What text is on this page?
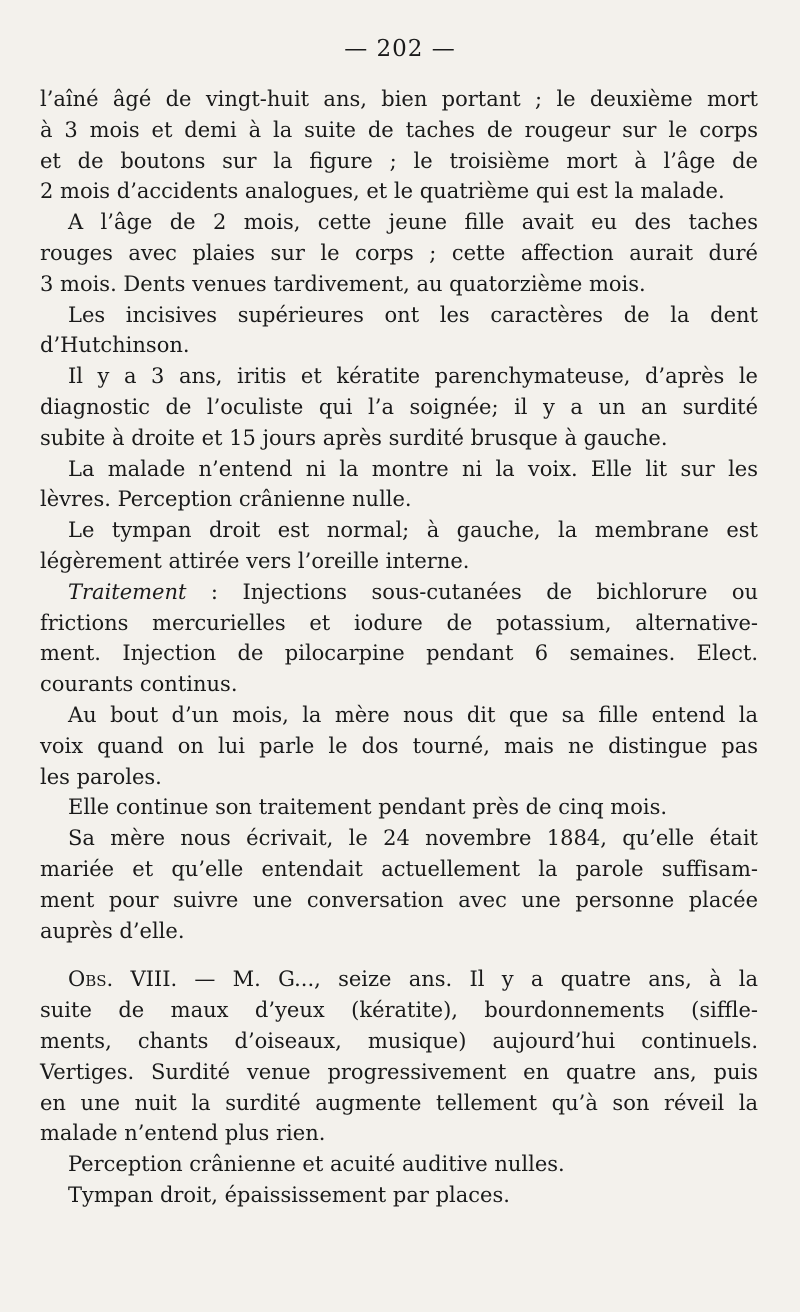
— 202 —
l’aîné âgé de vingt-huit ans, bien portant ; le deuxième mort
à 3 mois et demi à la suite de taches de rougeur sur le corps
et de boutons sur la figure ; le troisième mort à l’âge de
2 mois d’accidents analogues, et le quatrième qui est la malade.
A l’âge de 2 mois, cette jeune fille avait eu des taches
rouges avec plaies sur le corps ; cette affection aurait duré
3 mois. Dents venues tardivement, au quatorzième mois.
Les incisives supérieures ont les caractères de la dent
d’Hutchinson.
Il y a 3 ans, iritis et kératite parenchymateuse, d’après le
diagnostic de l’oculiste qui l’a soignée; il y a un an surdité
subite à droite et 15 jours après surdité brusque à gauche.
La malade n’entend ni la montre ni la voix. Elle lit sur les
lèvres. Perception crânienne nulle.
Le tympan droit est normal; à gauche, la membrane est
légèrement attirée vers l’oreille interne.
Traitement : Injections sous-cutanées de bichlorure ou
frictions mercurielles et iodure de potassium, alternative-
ment. Injection de pilocarpine pendant 6 semaines. Elect.
courants continus.
Au bout d’un mois, la mère nous dit que sa fille entend la
voix quand on lui parle le dos tourné, mais ne distingue pas
les paroles.
Elle continue son traitement pendant près de cinq mois.
Sa mère nous écrivait, le 24 novembre 1884, qu’elle était
mariée et qu’elle entendait actuellement la parole suffisam-
ment pour suivre une conversation avec une personne placée
auprès d’elle.
Obs. VIII. — M. G..., seize ans. Il y a quatre ans, à la
suite de maux d’yeux (kératite), bourdonnements (siffle-
ments, chants d’oiseaux, musique) aujourd’hui continuels.
Vertiges. Surdité venue progressivement en quatre ans, puis
en une nuit la surdité augmente tellement qu’à son réveil la
malade n’entend plus rien.
Perception crânienne et acuité auditive nulles.
Tympan droit, épaississement par places.
